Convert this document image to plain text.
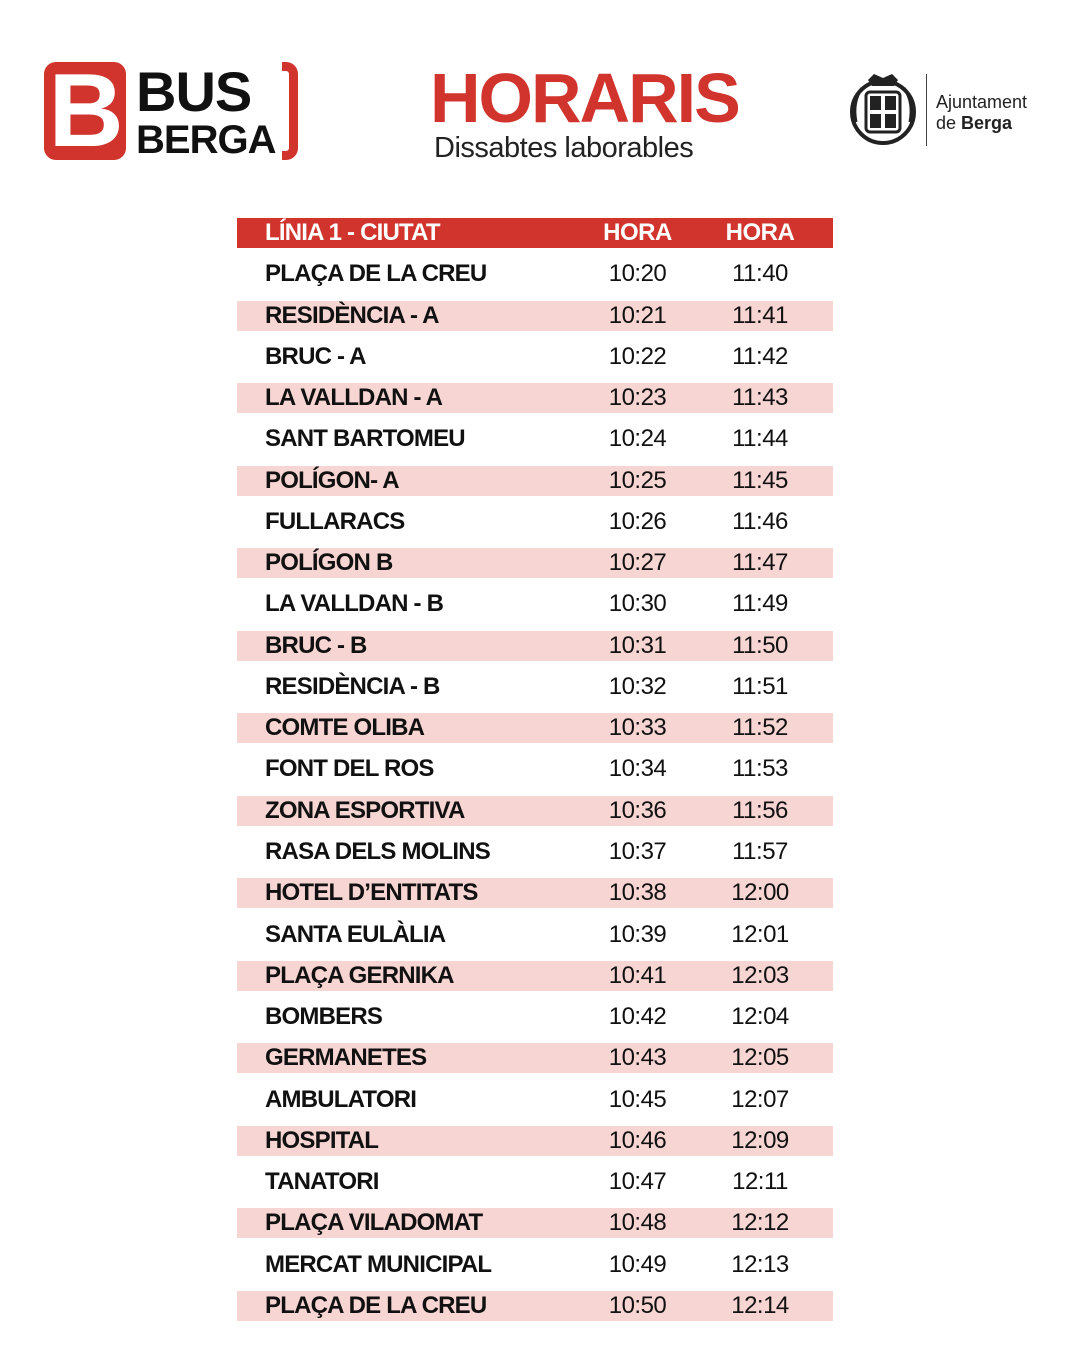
B BUS
BERGA
HORARIS
Dissabtes laborables
Ajuntament
de Berga
LÍNIA 1 - CIUTAT	HORA	HORA
PLAÇA DE LA CREU	10:20	11:40
RESIDÈNCIA - A	10:21	11:41
BRUC - A	10:22	11:42
LA VALLDAN - A	10:23	11:43
SANT BARTOMEU	10:24	11:44
POLÍGON- A	10:25	11:45
FULLARACS	10:26	11:46
POLÍGON B	10:27	11:47
LA VALLDAN - B	10:30	11:49
BRUC - B	10:31	11:50
RESIDÈNCIA - B	10:32	11:51
COMTE OLIBA	10:33	11:52
FONT DEL ROS	10:34	11:53
ZONA ESPORTIVA	10:36	11:56
RASA DELS MOLINS	10:37	11:57
HOTEL D’ENTITATS	10:38	12:00
SANTA EULÀLIA	10:39	12:01
PLAÇA GERNIKA	10:41	12:03
BOMBERS	10:42	12:04
GERMANETES	10:43	12:05
AMBULATORI	10:45	12:07
HOSPITAL	10:46	12:09
TANATORI	10:47	12:11
PLAÇA VILADOMAT	10:48	12:12
MERCAT MUNICIPAL	10:49	12:13
PLAÇA DE LA CREU	10:50	12:14
